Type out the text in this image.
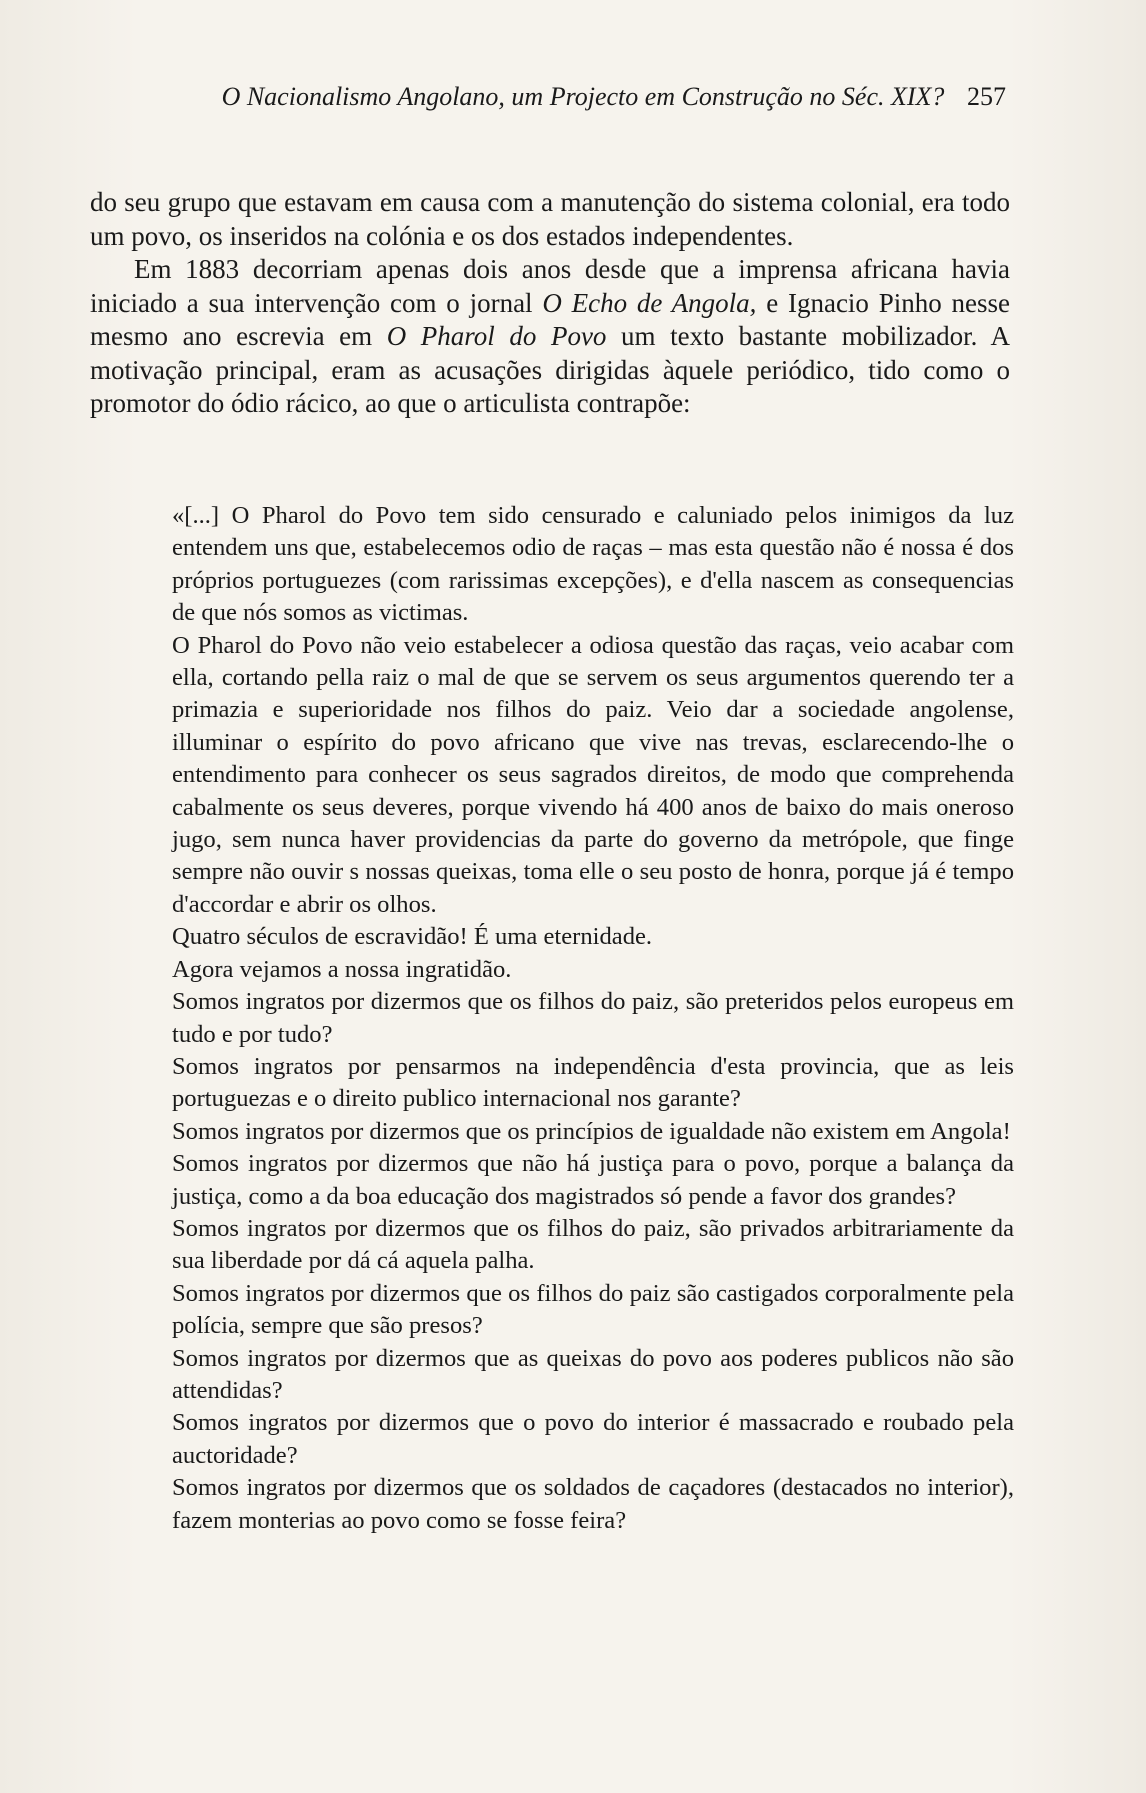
O Nacionalismo Angolano, um Projecto em Construção no Séc. XIX? 257

do seu grupo que estavam em causa com a manutenção do sistema colonial, era todo um povo, os inseridos na colónia e os dos estados independentes.

Em 1883 decorriam apenas dois anos desde que a imprensa africana havia iniciado a sua intervenção com o jornal O Echo de Angola, e Ignacio Pinho nesse mesmo ano escrevia em O Pharol do Povo um texto bastante mobilizador. A motivação principal, eram as acusações dirigidas àquele periódico, tido como o promotor do ódio rácico, ao que o articulista contrapõe:

«[...] O Pharol do Povo tem sido censurado e caluniado pelos inimigos da luz entendem uns que, estabelecemos odio de raças – mas esta questão não é nossa é dos próprios portuguezes (com rarissimas excepções), e d'ella nascem as consequencias de que nós somos as victimas.

O Pharol do Povo não veio estabelecer a odiosa questão das raças, veio acabar com ella, cortando pella raiz o mal de que se servem os seus argumentos querendo ter a primazia e superioridade nos filhos do paiz. Veio dar a sociedade angolense, illuminar o espírito do povo africano que vive nas trevas, esclarecendo-lhe o entendimento para conhecer os seus sagrados direitos, de modo que comprehenda cabalmente os seus deveres, porque vivendo há 400 anos de baixo do mais oneroso jugo, sem nunca haver providencias da parte do governo da metrópole, que finge sempre não ouvir s nossas queixas, toma elle o seu posto de honra, porque já é tempo d'accordar e abrir os olhos.

Quatro séculos de escravidão! É uma eternidade.

Agora vejamos a nossa ingratidão.

Somos ingratos por dizermos que os filhos do paiz, são preteridos pelos europeus em tudo e por tudo?

Somos ingratos por pensarmos na independência d'esta provincia, que as leis portuguezas e o direito publico internacional nos garante?

Somos ingratos por dizermos que os princípios de igualdade não existem em Angola!

Somos ingratos por dizermos que não há justiça para o povo, porque a balança da justiça, como a da boa educação dos magistrados só pende a favor dos grandes?

Somos ingratos por dizermos que os filhos do paiz, são privados arbitrariamente da sua liberdade por dá cá aquela palha.

Somos ingratos por dizermos que os filhos do paiz são castigados corporalmente pela polícia, sempre que são presos?

Somos ingratos por dizermos que as queixas do povo aos poderes publicos não são attendidas?

Somos ingratos por dizermos que o povo do interior é massacrado e roubado pela auctoridade?

Somos ingratos por dizermos que os soldados de caçadores (destacados no interior), fazem monterias ao povo como se fosse feira?
